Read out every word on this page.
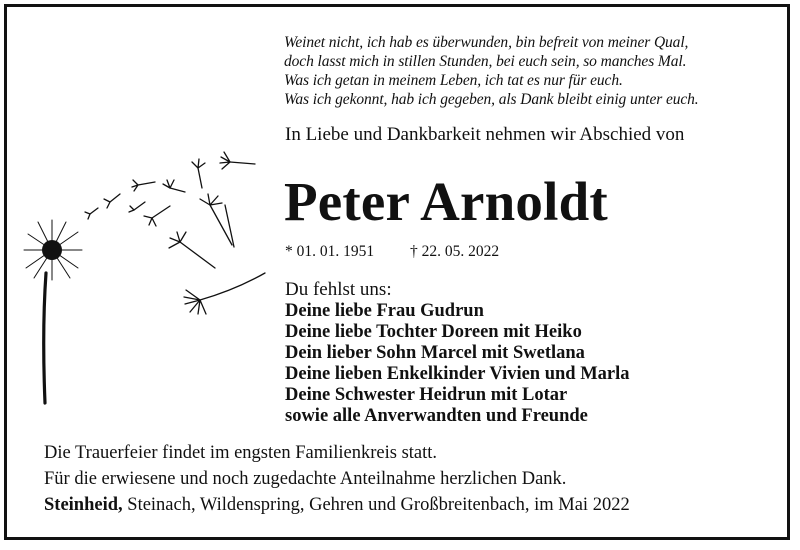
Weinet nicht, ich hab es überwunden, bin befreit von meiner Qual,
doch lasst mich in stillen Stunden, bei euch sein, so manches Mal.
Was ich getan in meinem Leben, ich tat es nur für euch.
Was ich gekonnt, hab ich gegeben, als Dank bleibt einig unter euch.
In Liebe und Dankbarkeit nehmen wir Abschied von
Peter Arnoldt
* 01. 01. 1951 † 22. 05. 2022
Du fehlst uns:
Deine liebe Frau Gudrun
Deine liebe Tochter Doreen mit Heiko
Dein lieber Sohn Marcel mit Swetlana
Deine lieben Enkelkinder Vivien und Marla
Deine Schwester Heidrun mit Lotar
sowie alle Anverwandten und Freunde
Die Trauerfeier findet im engsten Familienkreis statt.
Für die erwiesene und noch zugedachte Anteilnahme herzlichen Dank.
Steinheid, Steinach, Wildenspring, Gehren und Großbreitenbach, im Mai 2022
